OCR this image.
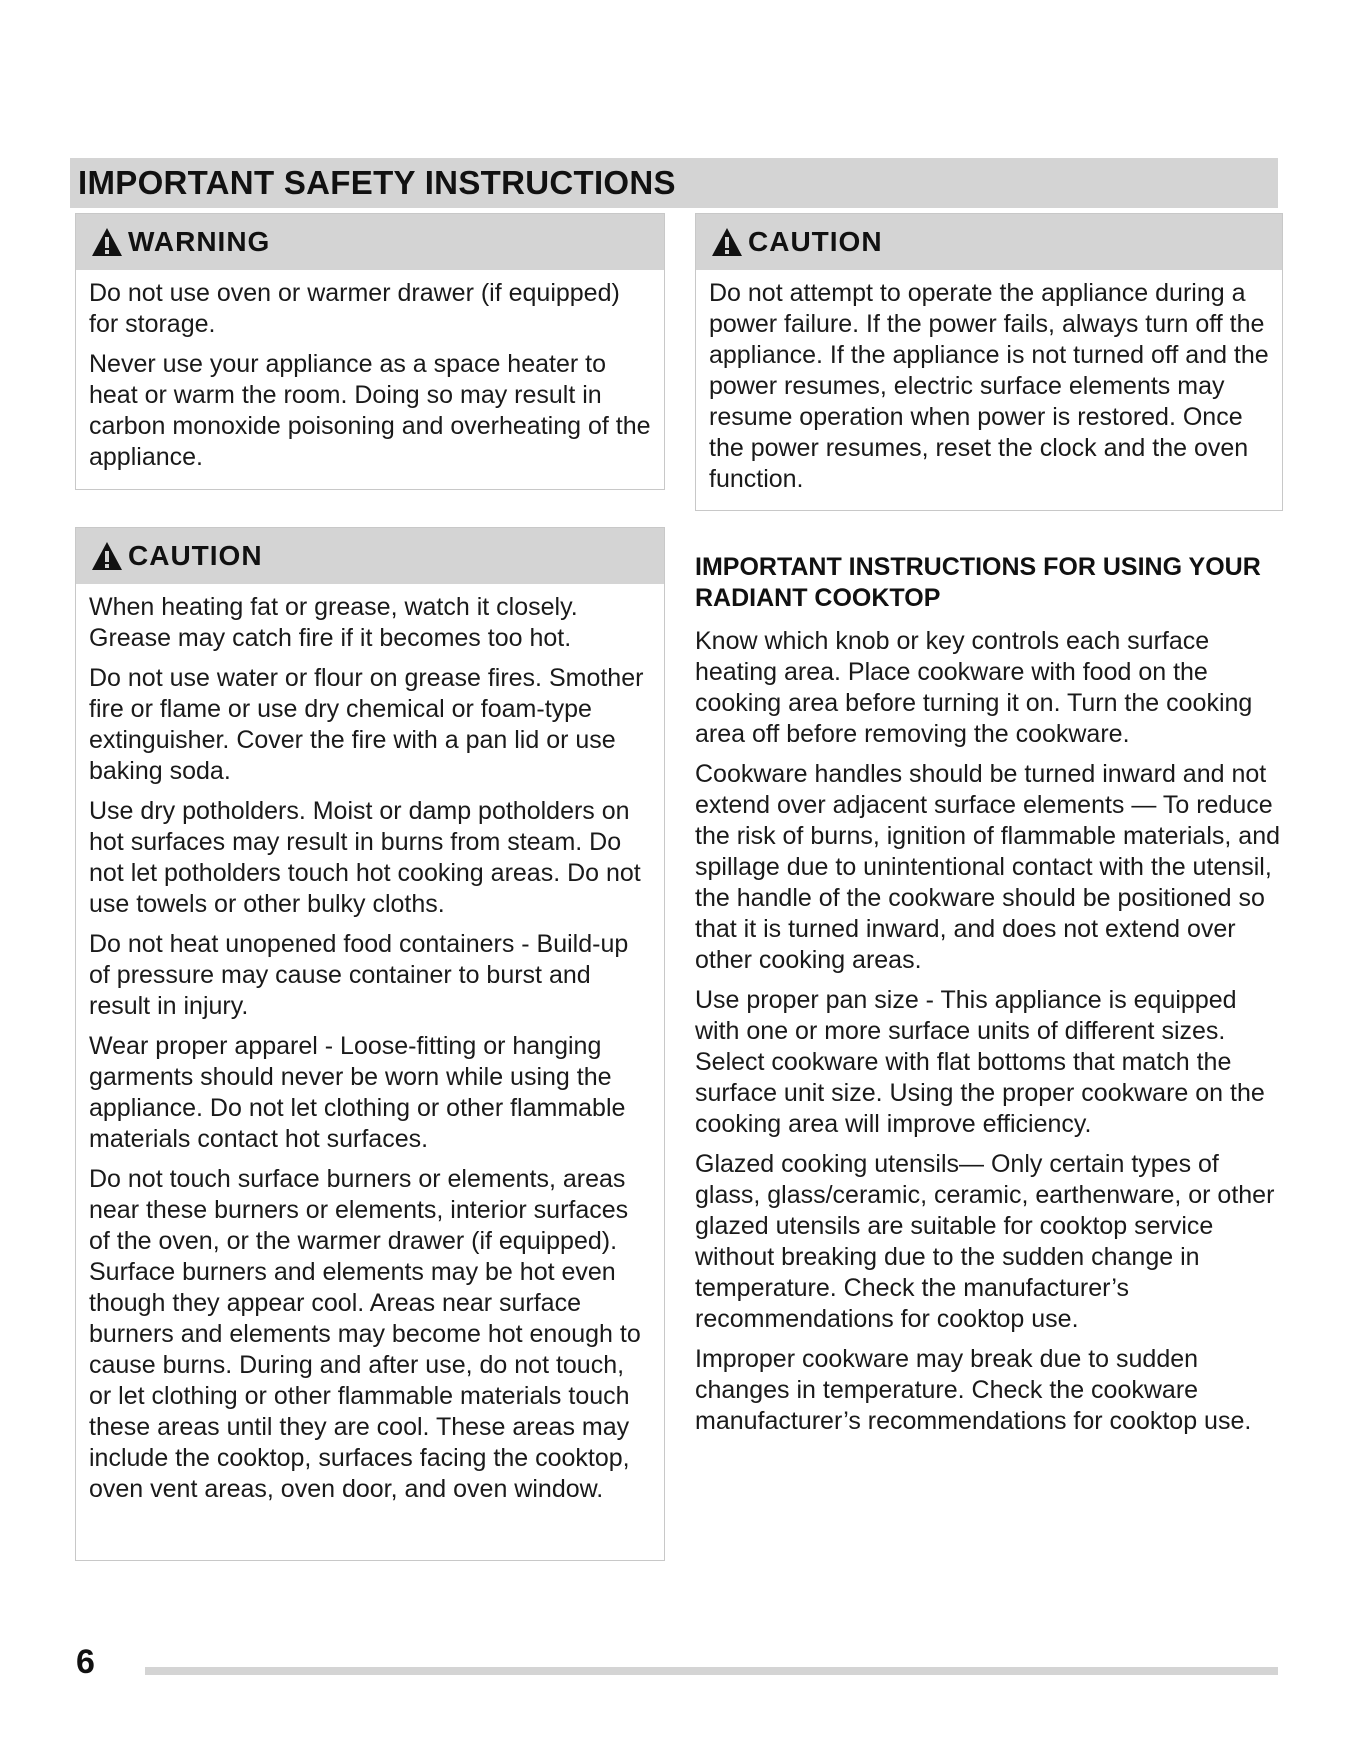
IMPORTANT SAFETY INSTRUCTIONS
WARNING

Do not use oven or warmer drawer (if equipped) for storage.

Never use your appliance as a space heater to heat or warm the room. Doing so may result in carbon monoxide poisoning and overheating of the appliance.

CAUTION

Do not attempt to operate the appliance during a power failure. If the power fails, always turn off the appliance. If the appliance is not turned off and the power resumes, electric surface elements may resume operation when power is restored. Once the power resumes, reset the clock and the oven function.

CAUTION

When heating fat or grease, watch it closely. Grease may catch fire if it becomes too hot.

Do not use water or flour on grease fires. Smother fire or flame or use dry chemical or foam-type extinguisher. Cover the fire with a pan lid or use baking soda.

Use dry potholders. Moist or damp potholders on hot surfaces may result in burns from steam. Do not let potholders touch hot cooking areas. Do not use towels or other bulky cloths.

Do not heat unopened food containers - Build-up of pressure may cause container to burst and result in injury.

Wear proper apparel - Loose-fitting or hanging garments should never be worn while using the appliance. Do not let clothing or other flammable materials contact hot surfaces.

Do not touch surface burners or elements, areas near these burners or elements, interior surfaces of the oven, or the warmer drawer (if equipped). Surface burners and elements may be hot even though they appear cool. Areas near surface burners and elements may become hot enough to cause burns. During and after use, do not touch, or let clothing or other flammable materials touch these areas until they are cool. These areas may include the cooktop, surfaces facing the cooktop, oven vent areas, oven door, and oven window.

IMPORTANT INSTRUCTIONS FOR USING YOUR RADIANT COOKTOP

Know which knob or key controls each surface heating area. Place cookware with food on the cooking area before turning it on. Turn the cooking area off before removing the cookware.

Cookware handles should be turned inward and not extend over adjacent surface elements — To reduce the risk of burns, ignition of flammable materials, and spillage due to unintentional contact with the utensil, the handle of the cookware should be positioned so that it is turned inward, and does not extend over other cooking areas.

Use proper pan size - This appliance is equipped with one or more surface units of different sizes. Select cookware with flat bottoms that match the surface unit size. Using the proper cookware on the cooking area will improve efficiency.

Glazed cooking utensils— Only certain types of glass, glass/ceramic, ceramic, earthenware, or other glazed utensils are suitable for cooktop service without breaking due to the sudden change in temperature. Check the manufacturer’s recommendations for cooktop use.

Improper cookware may break due to sudden changes in temperature. Check the cookware manufacturer’s recommendations for cooktop use.

6
